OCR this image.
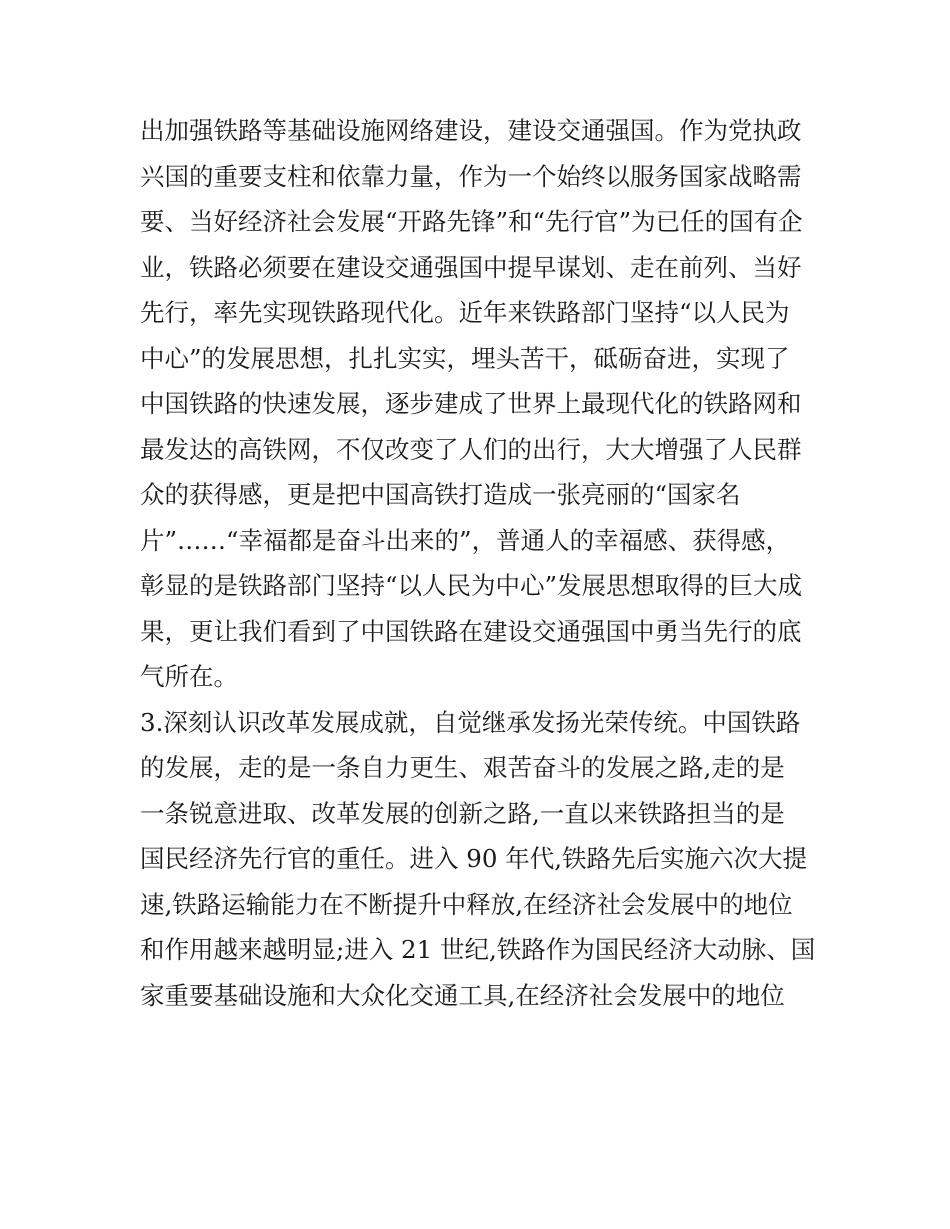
出加强铁路等基础设施网络建设，建设交通强国。作为党执政

兴国的重要支柱和依靠力量，作为一个始终以服务国家战略需

要、当好经济社会发展“开路先锋”和“先行官”为已任的国有企

业，铁路必须要在建设交通强国中提早谋划、走在前列、当好

先行，率先实现铁路现代化。近年来铁路部门坚持“以人民为

中心”的发展思想，扎扎实实，埋头苦干，砥砺奋进，实现了

中国铁路的快速发展，逐步建成了世界上最现代化的铁路网和

最发达的高铁网，不仅改变了人们的出行，大大增强了人民群

众的获得感，更是把中国高铁打造成一张亮丽的“国家名

片”……“幸福都是奋斗出来的”，普通人的幸福感、获得感，

彰显的是铁路部门坚持“以人民为中心”发展思想取得的巨大成

果，更让我们看到了中国铁路在建设交通强国中勇当先行的底

气所在。

3.深刻认识改革发展成就，自觉继承发扬光荣传统。中国铁路

的发展，走的是一条自力更生、艰苦奋斗的发展之路,走的是

一条锐意进取、改革发展的创新之路,一直以来铁路担当的是

国民经济先行官的重任。进入 90 年代,铁路先后实施六次大提

速,铁路运输能力在不断提升中释放,在经济社会发展中的地位

和作用越来越明显;进入 21 世纪,铁路作为国民经济大动脉、国

家重要基础设施和大众化交通工具,在经济社会发展中的地位
